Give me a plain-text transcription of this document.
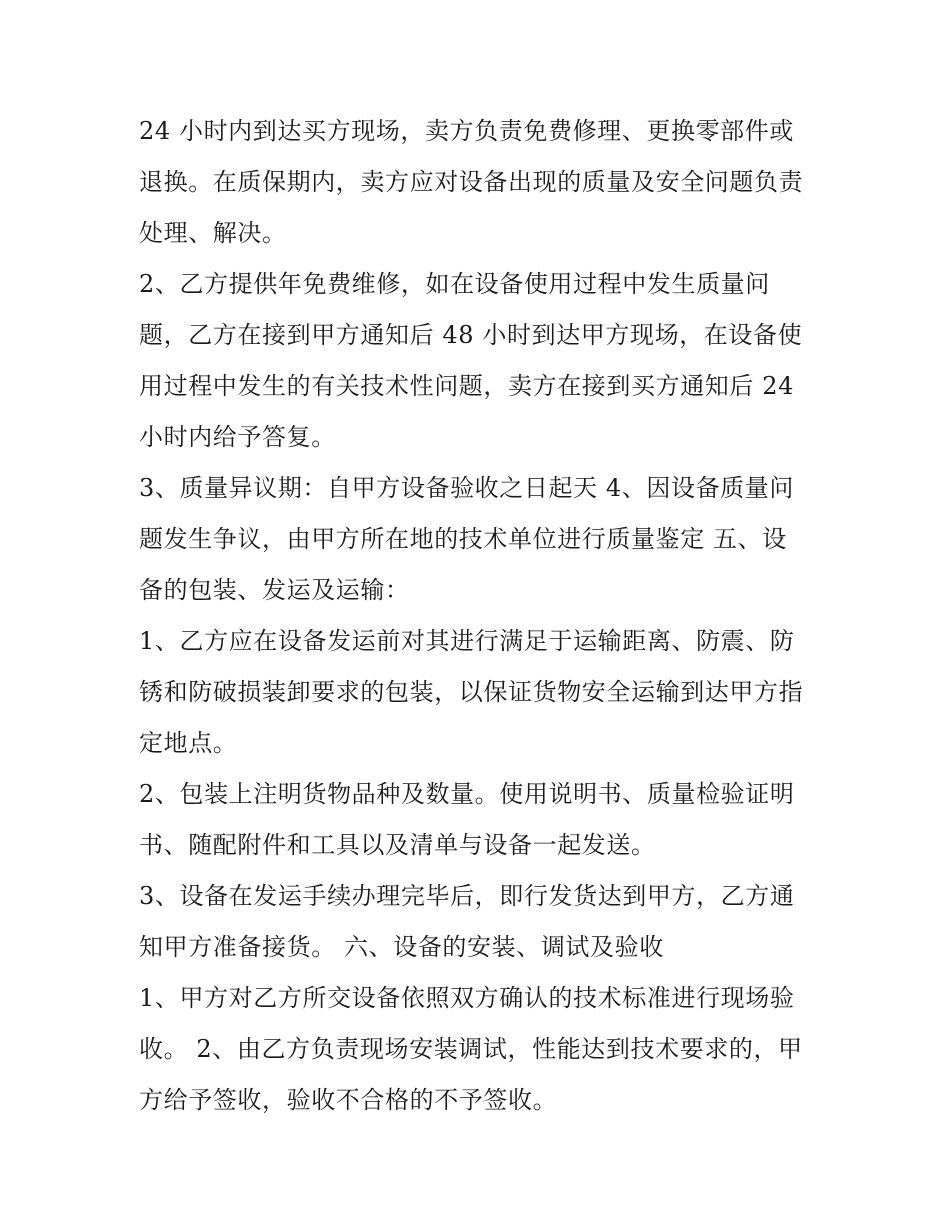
24 小时内到达买方现场，卖方负责免费修理、更换零部件或
退换。在质保期内，卖方应对设备出现的质量及安全问题负责
处理、解决。
2、乙方提供年免费维修，如在设备使用过程中发生质量问
题，乙方在接到甲方通知后 48 小时到达甲方现场，在设备使
用过程中发生的有关技术性问题，卖方在接到买方通知后 24
小时内给予答复。
3、质量异议期：自甲方设备验收之日起天 4、因设备质量问
题发生争议，由甲方所在地的技术单位进行质量鉴定 五、设
备的包装、发运及运输：
1、乙方应在设备发运前对其进行满足于运输距离、防震、防
锈和防破损装卸要求的包装，以保证货物安全运输到达甲方指
定地点。
2、包装上注明货物品种及数量。使用说明书、质量检验证明
书、随配附件和工具以及清单与设备一起发送。
3、设备在发运手续办理完毕后，即行发货达到甲方，乙方通
知甲方准备接货。 六、设备的安装、调试及验收
1、甲方对乙方所交设备依照双方确认的技术标准进行现场验
收。 2、由乙方负责现场安装调试，性能达到技术要求的，甲
方给予签收，验收不合格的不予签收。
